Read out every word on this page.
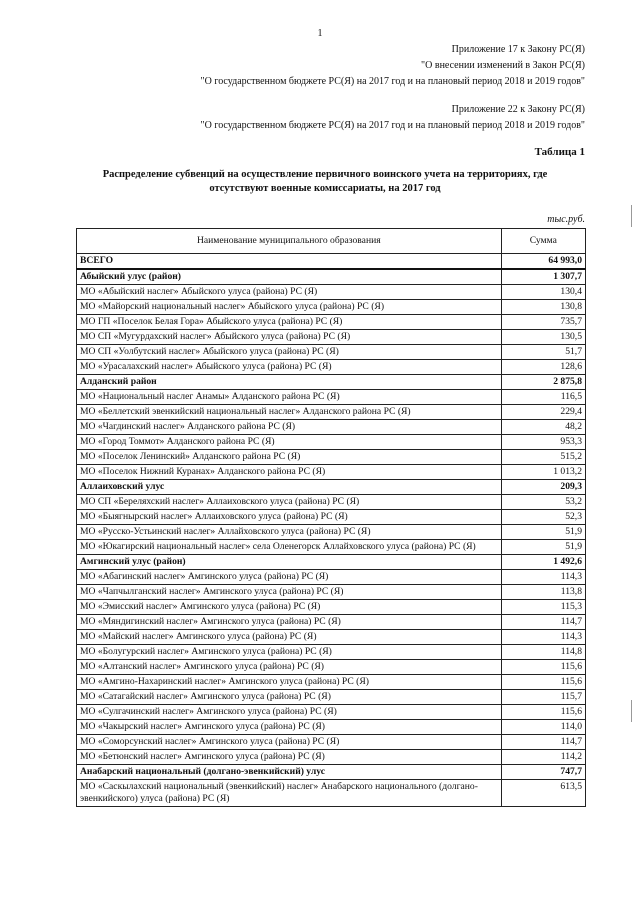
1
Приложение 17 к Закону РС(Я)
"О внесении изменений в Закон РС(Я)
"О государственном бюджете РС(Я) на 2017 год и на плановый период 2018 и 2019 годов"
Приложение 22 к Закону РС(Я)
"О государственном бюджете РС(Я) на 2017 год и на плановый период 2018 и 2019 годов"
Таблица 1
Распределение субвенций на осуществление первичного воинского учета на территориях, где
отсутствуют военные комиссариаты, на 2017 год
тыс.руб.
Наименование муниципального образования	Сумма
ВСЕГО	64 993,0
Абыйский улус (район)	1 307,7
МО «Абыйский наслег» Абыйского улуса (района) РС (Я)	130,4
МО «Майорский национальный наслег» Абыйского улуса (района) РС (Я)	130,8
МО ГП «Поселок Белая Гора» Абыйского улуса (района) РС (Я)	735,7
МО СП «Мугурдахский наслег» Абыйского улуса (района) РС (Я)	130,5
МО СП «Уолбутский наслег» Абыйского улуса (района) РС (Я)	51,7
МО «Урасалахский наслег» Абыйского улуса (района) РС (Я)	128,6
Алданский район	2 875,8
МО «Национальный наслег Анамы» Алданского района РС (Я)	116,5
МО «Беллетский эвенкийский национальный наслег» Алданского района РС (Я)	229,4
МО «Чагдинский наслег» Алданского района РС (Я)	48,2
МО «Город Томмот» Алданского района РС (Я)	953,3
МО «Поселок Ленинский» Алданского района РС (Я)	515,2
МО «Поселок Нижний Куранах» Алданского района РС (Я)	1 013,2
Аллаиховский улус	209,3
МО СП «Береляхский наслег» Аллаиховского улуса (района) РС (Я)	53,2
МО «Быягнырский наслег» Аллаиховского улуса (района) РС (Я)	52,3
МО «Русско-Устьинский наслег» Аллайховского улуса (района) РС (Я)	51,9
МО «Юкагирский национальный наслег» села Оленегорск Аллайховского улуса (района) РС (Я)	51,9
Амгинский улус (район)	1 492,6
МО «Абагинский наслег» Амгинского улуса (района) РС (Я)	114,3
МО «Чапчылганский наслег» Амгинского улуса (района) РС (Я)	113,8
МО «Эмисский наслег» Амгинского улуса (района) РС (Я)	115,3
МО «Мяндигинский наслег» Амгинского улуса (района) РС (Я)	114,7
МО «Майский наслег» Амгинского улуса (района) РС (Я)	114,3
МО «Болугурский наслег» Амгинского улуса (района) РС (Я)	114,8
МО «Алтанский наслег» Амгинского улуса (района) РС (Я)	115,6
МО «Амгино-Нахаринский наслег» Амгинского улуса (района) РС (Я)	115,6
МО «Сатагайский наслег» Амгинского улуса (района) РС (Я)	115,7
МО «Сулгачинский наслег» Амгинского улуса (района) РС (Я)	115,6
МО «Чакырский наслег» Амгинского улуса (района) РС (Я)	114,0
МО «Соморсунский наслег» Амгинского улуса (района) РС (Я)	114,7
МО «Бетюнский наслег» Амгинского улуса (района) РС (Я)	114,2
Анабарский национальный (долгано-эвенкийский) улус	747,7
МО «Саскылахский национальный (эвенкийский) наслег» Анабарского национального (долгано-эвенкийского) улуса (района) РС (Я)	613,5
